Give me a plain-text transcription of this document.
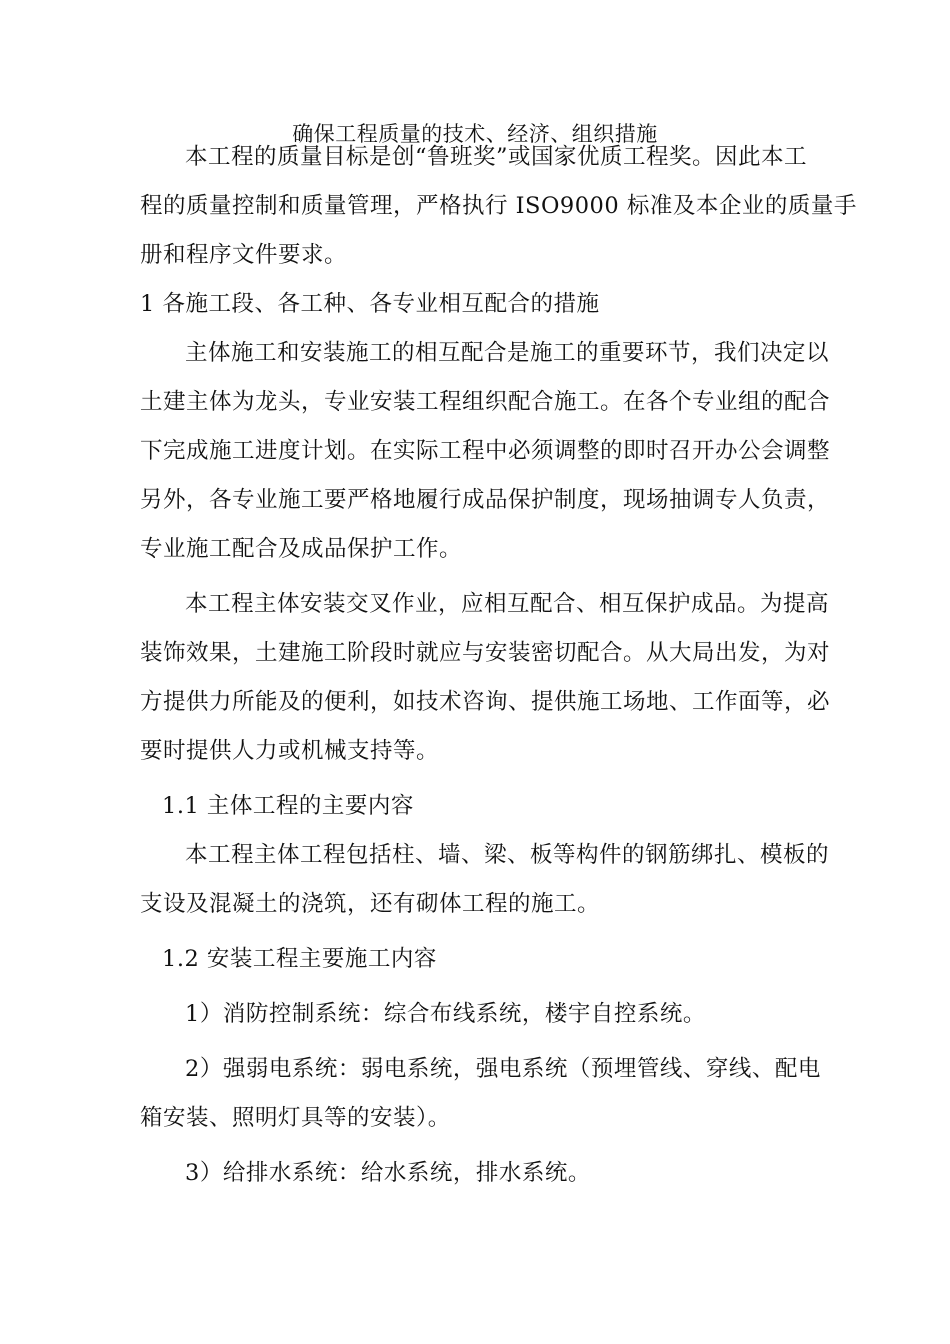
确保工程质量的技术、经济、组织措施
本工程的质量目标是创“鲁班奖”或国家优质工程奖。因此本工
程的质量控制和质量管理，严格执行 ISO9000 标准及本企业的质量手
册和程序文件要求。
1 各施工段、各工种、各专业相互配合的措施
主体施工和安装施工的相互配合是施工的重要环节，我们决定以
土建主体为龙头，专业安装工程组织配合施工。在各个专业组的配合
下完成施工进度计划。在实际工程中必须调整的即时召开办公会调整
另外，各专业施工要严格地履行成品保护制度，现场抽调专人负责，
专业施工配合及成品保护工作。
本工程主体安装交叉作业，应相互配合、相互保护成品。为提高
装饰效果，土建施工阶段时就应与安装密切配合。从大局出发，为对
方提供力所能及的便利，如技术咨询、提供施工场地、工作面等，必
要时提供人力或机械支持等。
1.1 主体工程的主要内容
本工程主体工程包括柱、墙、梁、板等构件的钢筋绑扎、模板的
支设及混凝土的浇筑，还有砌体工程的施工。
1.2 安装工程主要施工内容
1）消防控制系统：综合布线系统，楼宇自控系统。
2）强弱电系统：弱电系统，强电系统（预埋管线、穿线、配电
箱安装、照明灯具等的安装）。
3）给排水系统：给水系统，排水系统。
